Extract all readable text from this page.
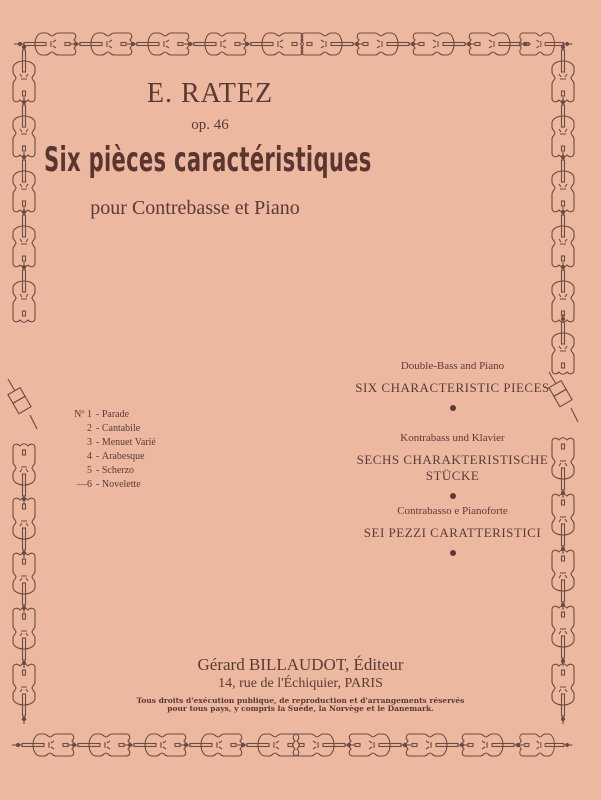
E. RATEZ
op. 46
Six pièces caractéristiques
pour Contrebasse et Piano
Nº 1 - Parade
2 - Cantabile
3 - Menuet Varié
4 - Arabesque
5 - Scherzo
—6 - Novelette
Double-Bass and Piano
SIX CHARACTERISTIC PIECES
Kontrabass und Klavier
SECHS CHARAKTERISTISCHE STÜCKE
Contrabasso e Pianoforte
SEI PEZZI CARATTERISTICI
Gérard BILLAUDOT, Éditeur
14, rue de l'Échiquier, PARIS
Tous droits d'exécution publique, de reproduction et d'arrangements réservés
pour tous pays, y compris la Suède, la Norvège et le Danemark.
